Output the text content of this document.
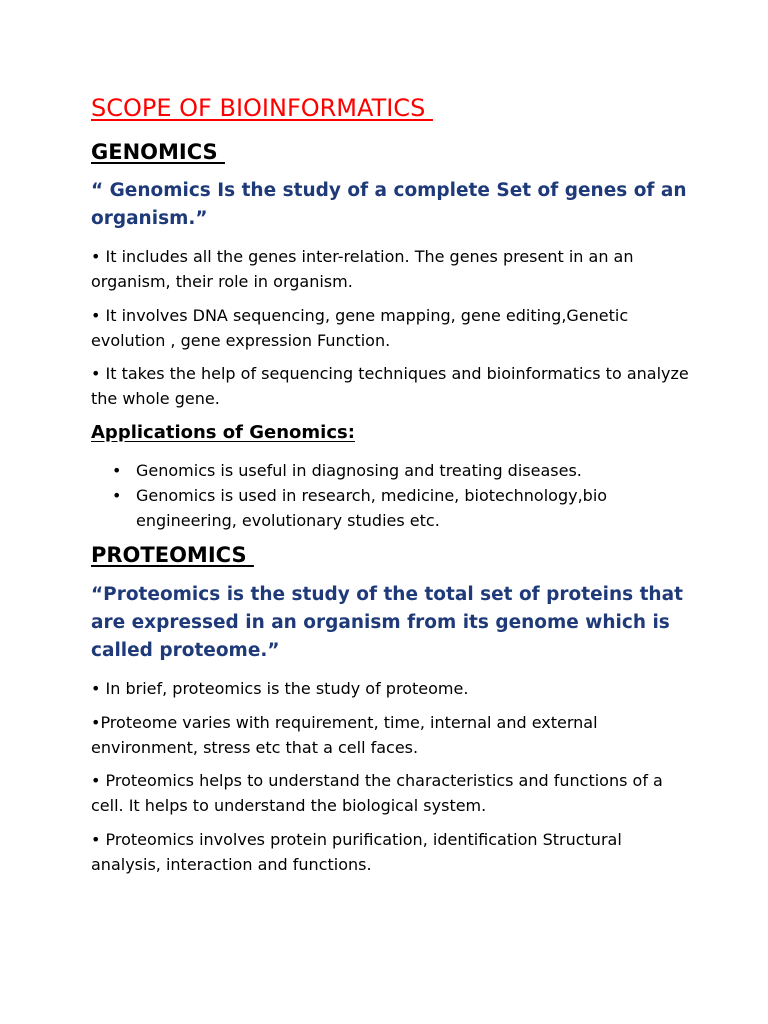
SCOPE OF BIOINFORMATICS
GENOMICS

“ Genomics Is the study of a complete Set of genes of an organism.”

• It includes all the genes inter-relation. The genes present in an an organism, their role in organism.

• It involves DNA sequencing, gene mapping, gene editing,Genetic evolution , gene expression Function.

• It takes the help of sequencing techniques and bioinformatics to analyze the whole gene.

Applications of Genomics:
• Genomics is useful in diagnosing and treating diseases.
• Genomics is used in research, medicine, biotechnology,bio engineering, evolutionary studies etc.
PROTEOMICS

“Proteomics is the study of the total set of proteins that are expressed in an organism from its genome which is called proteome.”

• In brief, proteomics is the study of proteome.

•Proteome varies with requirement, time, internal and external environment, stress etc that a cell faces.

• Proteomics helps to understand the characteristics and functions of a cell. It helps to understand the biological system.

• Proteomics involves protein purification, identification Structural analysis, interaction and functions.
